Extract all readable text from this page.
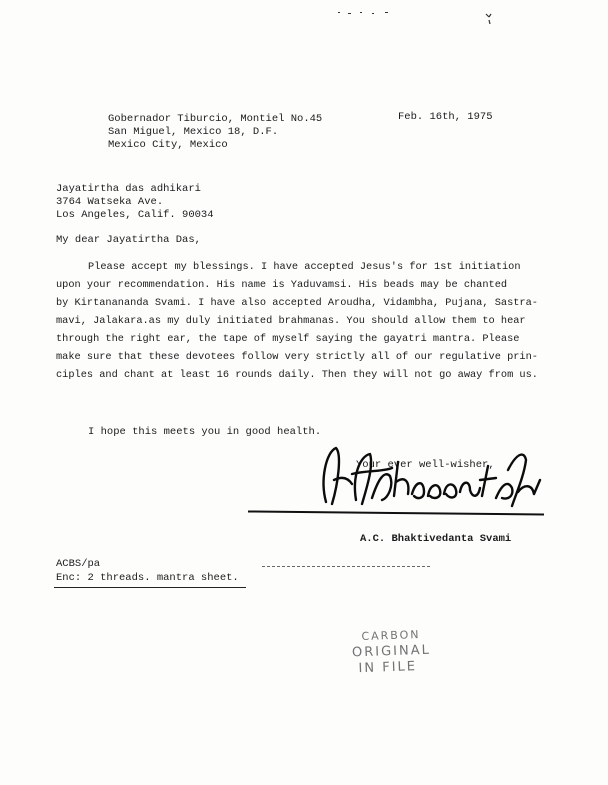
Gobernador Tiburcio, Montiel No.45
San Miguel, Mexico 18, D.F.
Mexico City, Mexico
Feb. 16th, 1975
Jayatirtha das adhikari
3764 Watseka Ave.
Los Angeles, Calif. 90034
My dear Jayatirtha Das,
Please accept my blessings. I have accepted Jesus's for 1st initiation
upon your recommendation. His name is Yaduvamsi. His beads may be chanted
by Kirtanananda Svami. I have also accepted Aroudha, Vidambha, Pujana, Sastra-
mavi, Jalakara.as my duly initiated brahmanas. You should allow them to hear
through the right ear, the tape of myself saying the gayatri mantra. Please
make sure that these devotees follow very strictly all of our regulative prin-
ciples and chant at least 16 rounds daily. Then they will not go away from us.
I hope this meets you in good health.
Your ever well-wisher,
A.C. Bhaktivedanta Svami
ACBS/pa
Enc: 2 threads. mantra sheet.
CARBON
ORIGINAL
IN FILE
